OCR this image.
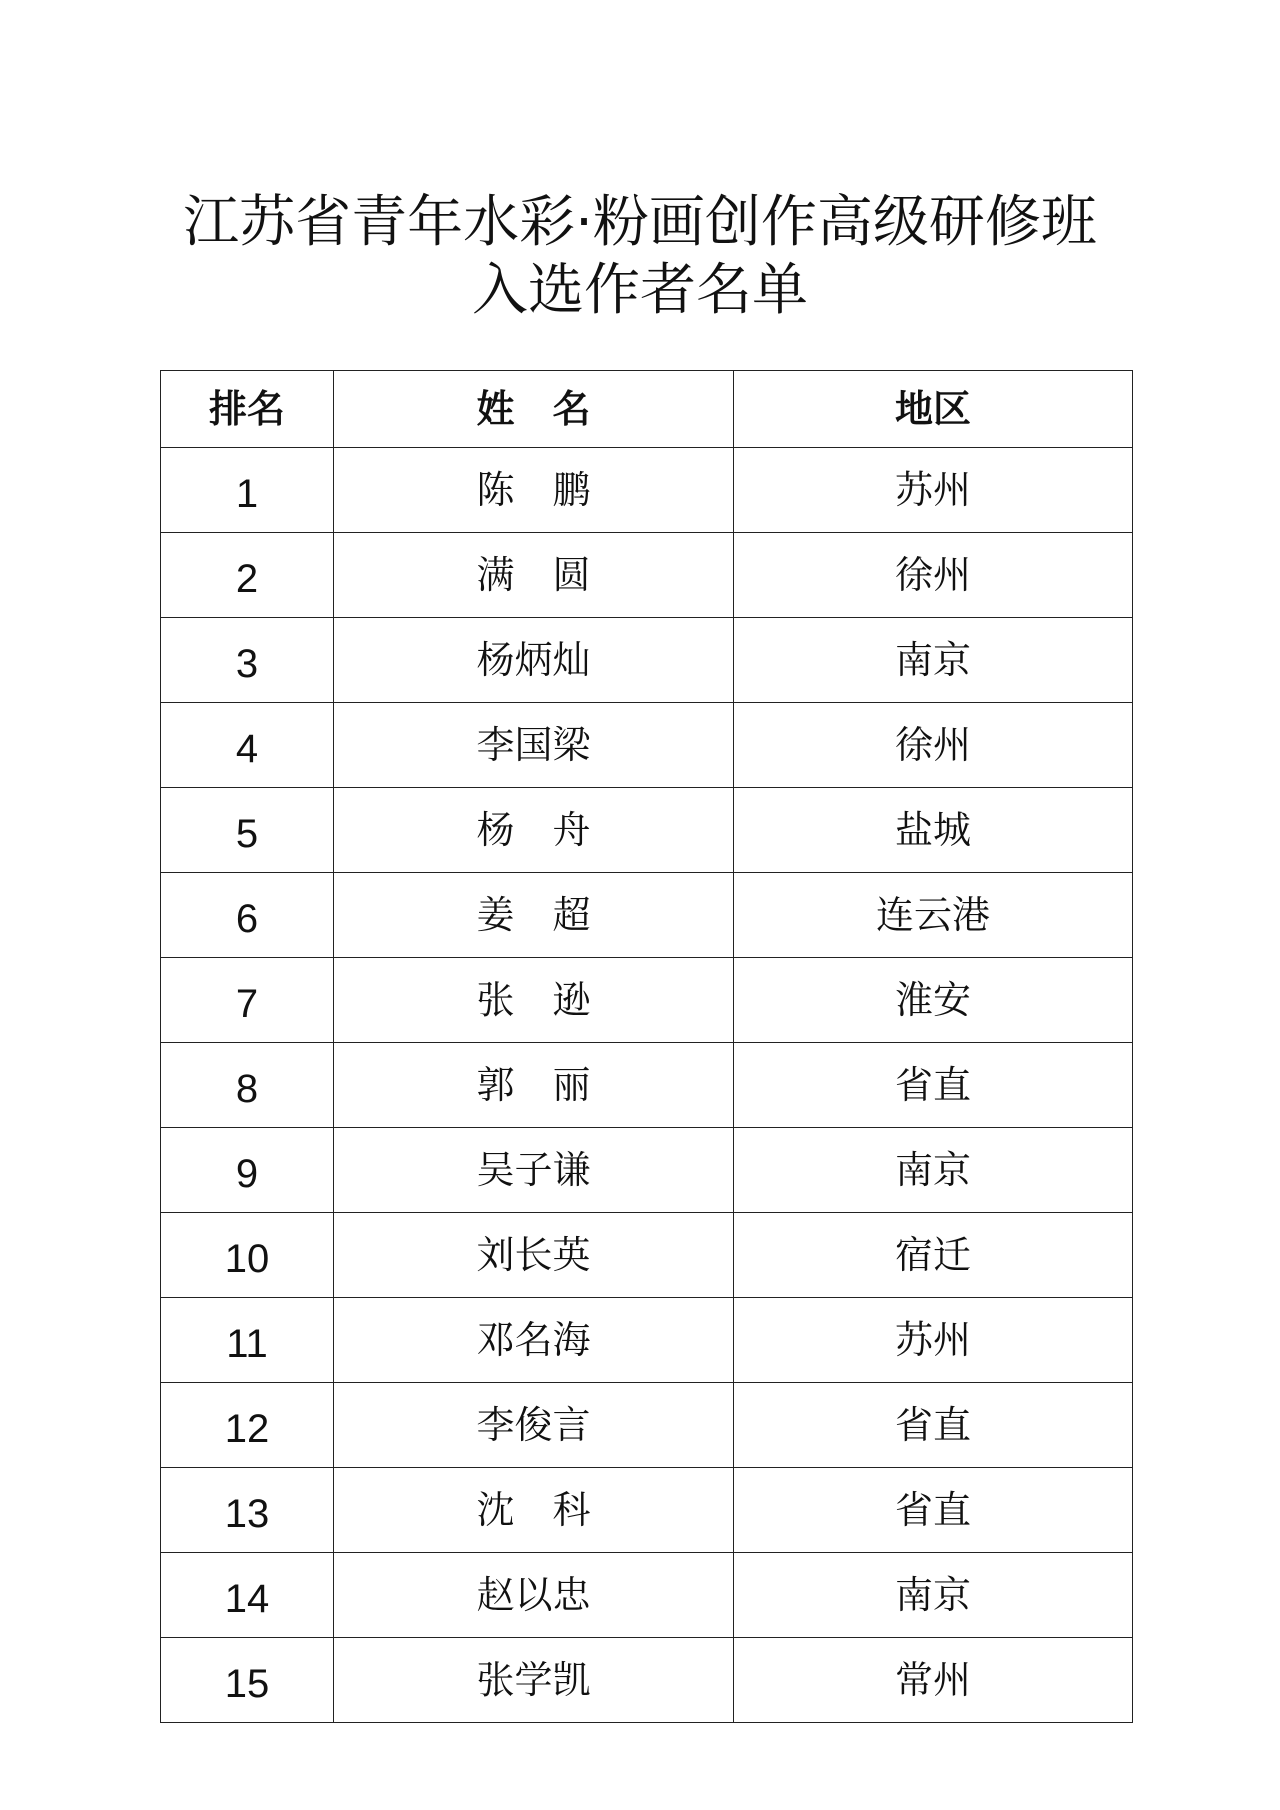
江苏省青年水彩·粉画创作高级研修班
入选作者名单
排名	姓　名	地区
1	陈　鹏	苏州
2	满　圆	徐州
3	杨炳灿	南京
4	李国梁	徐州
5	杨　舟	盐城
6	姜　超	连云港
7	张　逊	淮安
8	郭　丽	省直
9	吴子谦	南京
10	刘长英	宿迁
11	邓名海	苏州
12	李俊言	省直
13	沈　科	省直
14	赵以忠	南京
15	张学凯	常州
